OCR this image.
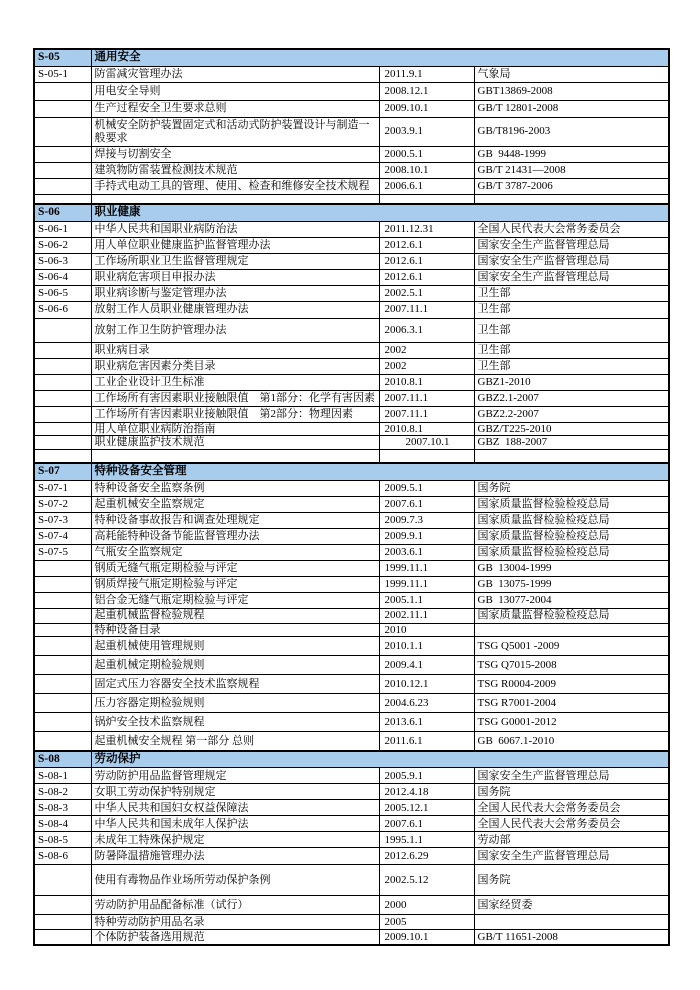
S-05	通用安全		
S-05-1	防雷减灾管理办法	2011.9.1	气象局
	用电安全导则	2008.12.1	GBT13869-2008
	生产过程安全卫生要求总则	2009.10.1	GB/T 12801-2008
	机械安全防护装置固定式和活动式防护装置设计与制造一般要求	2003.9.1	GB/T8196-2003
	焊接与切割安全	2000.5.1	GB  9448-1999
	建筑物防雷装置检测技术规范	2008.10.1	GB/T 21431—2008
	手持式电动工具的管理、使用、检查和维修安全技术规程	2006.6.1	GB/T 3787-2006

S-06	职业健康		
S-06-1	中华人民共和国职业病防治法	2011.12.31	全国人民代表大会常务委员会
S-06-2	用人单位职业健康监护监督管理办法	2012.6.1	国家安全生产监督管理总局
S-06-3	工作场所职业卫生监督管理规定	2012.6.1	国家安全生产监督管理总局
S-06-4	职业病危害项目申报办法	2012.6.1	国家安全生产监督管理总局
S-06-5	职业病诊断与鉴定管理办法	2002.5.1	卫生部
S-06-6	放射工作人员职业健康管理办法	2007.11.1	卫生部
	放射工作卫生防护管理办法	2006.3.1	卫生部
	职业病目录	2002	卫生部
	职业病危害因素分类目录	2002	卫生部
	工业企业设计卫生标准	2010.8.1	GBZ1-2010
	工作场所有害因素职业接触限值　第1部分：化学有害因素	2007.11.1	GBZ2.1-2007
	工作场所有害因素职业接触限值　第2部分：物理因素	2007.11.1	GBZ2.2-2007
	用人单位职业病防治指南	2010.8.1	GBZ/T225-2010
	职业健康监护技术规范	2007.10.1	GBZ  188-2007

S-07	特种设备安全管理		
S-07-1	特种设备安全监察条例	2009.5.1	国务院
S-07-2	起重机械安全监察规定	2007.6.1	国家质量监督检验检疫总局
S-07-3	特种设备事故报告和调查处理规定	2009.7.3	国家质量监督检验检疫总局
S-07-4	高耗能特种设备节能监督管理办法	2009.9.1	国家质量监督检验检疫总局
S-07-5	气瓶安全监察规定	2003.6.1	国家质量监督检验检疫总局
	钢质无缝气瓶定期检验与评定	1999.11.1	GB  13004-1999
	钢质焊接气瓶定期检验与评定	1999.11.1	GB  13075-1999
	铝合金无缝气瓶定期检验与评定	2005.1.1	GB  13077-2004
	起重机械监督检验规程	2002.11.1	国家质量监督检验检疫总局
	特种设备目录	2010	
	起重机械使用管理规则	2010.1.1	TSG Q5001 -2009
	起重机械定期检验规则	2009.4.1	TSG Q7015-2008
	固定式压力容器安全技术监察规程	2010.12.1	TSG R0004-2009
	压力容器定期检验规则	2004.6.23	TSG R7001-2004
	锅炉安全技术监察规程	2013.6.1	TSG G0001-2012
	起重机械安全规程 第一部分 总则	2011.6.1	GB  6067.1-2010
S-08	劳动保护		
S-08-1	劳动防护用品监督管理规定	2005.9.1	国家安全生产监督管理总局
S-08-2	女职工劳动保护特别规定	2012.4.18	国务院
S-08-3	中华人民共和国妇女权益保障法	2005.12.1	全国人民代表大会常务委员会
S-08-4	中华人民共和国未成年人保护法	2007.6.1	全国人民代表大会常务委员会
S-08-5	未成年工特殊保护规定	1995.1.1	劳动部
S-08-6	防暑降温措施管理办法	2012.6.29	国家安全生产监督管理总局
	使用有毒物品作业场所劳动保护条例	2002.5.12	国务院
	劳动防护用品配备标准（试行）	2000	国家经贸委
	特种劳动防护用品名录	2005	
	个体防护装备选用规范	2009.10.1	GB/T 11651-2008
